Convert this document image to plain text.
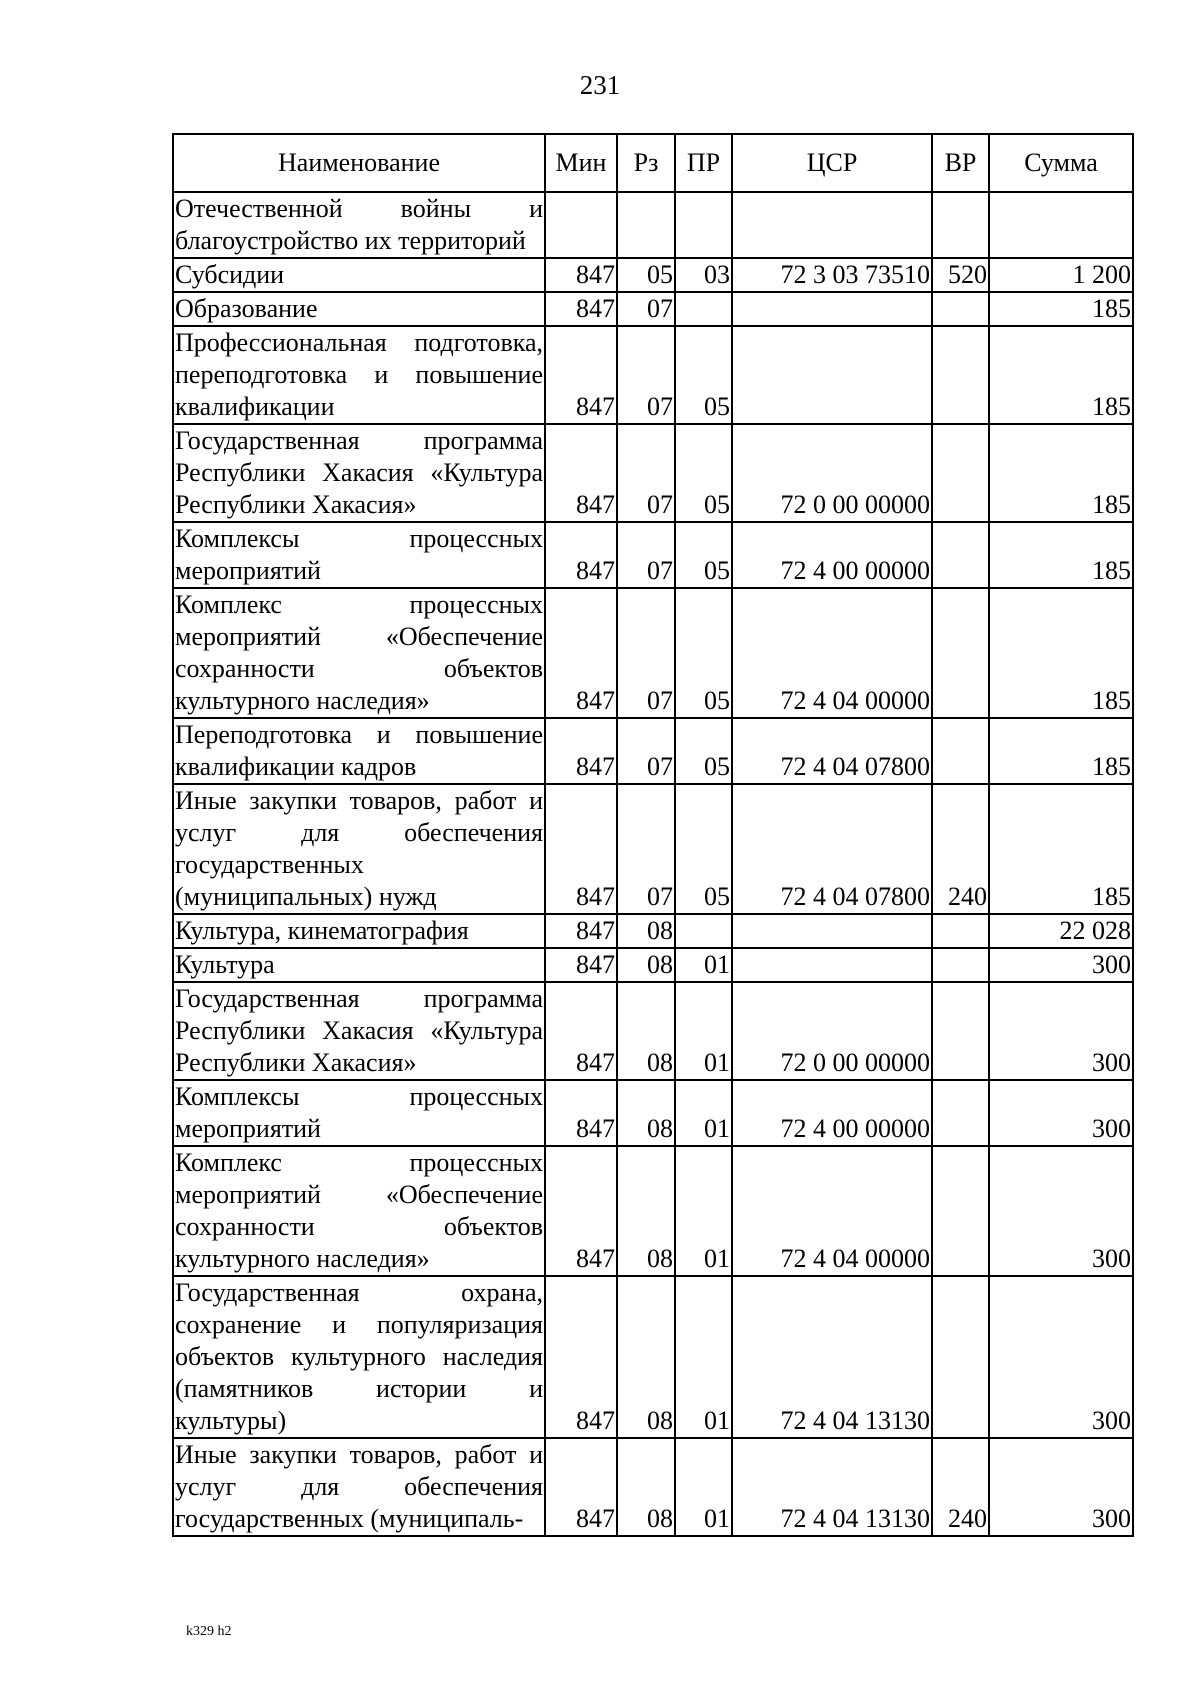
231
Наименование	Мин	Рз	ПР	ЦСР	ВР	Сумма
Отечественной войны и благоустройство их территорий						
Субсидии	847	05	03	72 3 03 73510	520	1 200
Образование	847	07				185
Профессиональная подготовка, переподготовка и повышение квалификации	847	07	05			185
Государственная программа Республики Хакасия «Культура Республики Хакасия»	847	07	05	72 0 00 00000		185
Комплексы процессных мероприятий	847	07	05	72 4 00 00000		185
Комплекс процессных мероприятий «Обеспечение сохранности объектов культурного наследия»	847	07	05	72 4 04 00000		185
Переподготовка и повышение квалификации кадров	847	07	05	72 4 04 07800		185
Иные закупки товаров, работ и услуг для обеспечения государственных (муниципальных) нужд	847	07	05	72 4 04 07800	240	185
Культура, кинематография	847	08				22 028
Культура	847	08	01			300
Государственная программа Республики Хакасия «Культура Республики Хакасия»	847	08	01	72 0 00 00000		300
Комплексы процессных мероприятий	847	08	01	72 4 00 00000		300
Комплекс процессных мероприятий «Обеспечение сохранности объектов культурного наследия»	847	08	01	72 4 04 00000		300
Государственная охрана, сохранение и популяризация объектов культурного наследия (памятников истории и культуры)	847	08	01	72 4 04 13130		300
Иные закупки товаров, работ и услуг для обеспечения государственных (муниципаль-	847	08	01	72 4 04 13130	240	300
k329 h2
